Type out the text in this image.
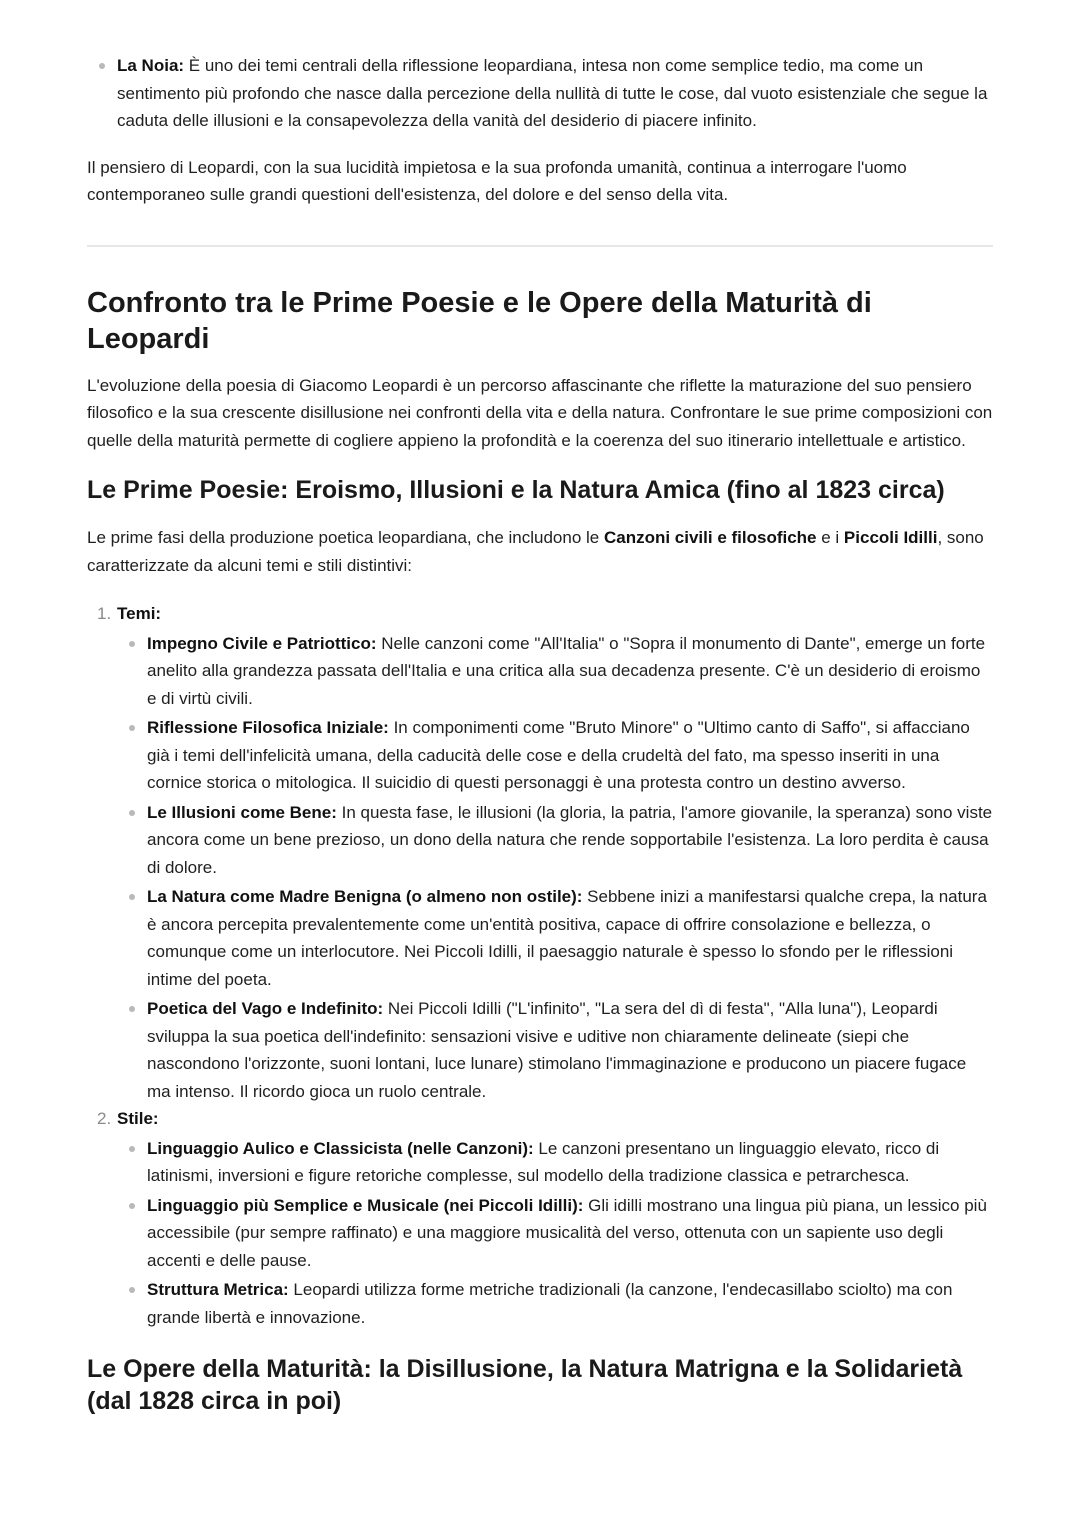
La Noia: È uno dei temi centrali della riflessione leopardiana, intesa non come semplice tedio, ma come un sentimento più profondo che nasce dalla percezione della nullità di tutte le cose, dal vuoto esistenziale che segue la caduta delle illusioni e la consapevolezza della vanità del desiderio di piacere infinito.

Il pensiero di Leopardi, con la sua lucidità impietosa e la sua profonda umanità, continua a interrogare l'uomo contemporaneo sulle grandi questioni dell'esistenza, del dolore e del senso della vita.

Confronto tra le Prime Poesie e le Opere della Maturità di Leopardi

L'evoluzione della poesia di Giacomo Leopardi è un percorso affascinante che riflette la maturazione del suo pensiero filosofico e la sua crescente disillusione nei confronti della vita e della natura. Confrontare le sue prime composizioni con quelle della maturità permette di cogliere appieno la profondità e la coerenza del suo itinerario intellettuale e artistico.

Le Prime Poesie: Eroismo, Illusioni e la Natura Amica (fino al 1823 circa)

Le prime fasi della produzione poetica leopardiana, che includono le Canzoni civili e filosofiche e i Piccoli Idilli, sono caratterizzate da alcuni temi e stili distintivi:

1. Temi:
Impegno Civile e Patriottico: Nelle canzoni come "All'Italia" o "Sopra il monumento di Dante", emerge un forte anelito alla grandezza passata dell'Italia e una critica alla sua decadenza presente. C'è un desiderio di eroismo e di virtù civili.
Riflessione Filosofica Iniziale: In componimenti come "Bruto Minore" o "Ultimo canto di Saffo", si affacciano già i temi dell'infelicità umana, della caducità delle cose e della crudeltà del fato, ma spesso inseriti in una cornice storica o mitologica. Il suicidio di questi personaggi è una protesta contro un destino avverso.
Le Illusioni come Bene: In questa fase, le illusioni (la gloria, la patria, l'amore giovanile, la speranza) sono viste ancora come un bene prezioso, un dono della natura che rende sopportabile l'esistenza. La loro perdita è causa di dolore.
La Natura come Madre Benigna (o almeno non ostile): Sebbene inizi a manifestarsi qualche crepa, la natura è ancora percepita prevalentemente come un'entità positiva, capace di offrire consolazione e bellezza, o comunque come un interlocutore. Nei Piccoli Idilli, il paesaggio naturale è spesso lo sfondo per le riflessioni intime del poeta.
Poetica del Vago e Indefinito: Nei Piccoli Idilli ("L'infinito", "La sera del dì di festa", "Alla luna"), Leopardi sviluppa la sua poetica dell'indefinito: sensazioni visive e uditive non chiaramente delineate (siepi che nascondono l'orizzonte, suoni lontani, luce lunare) stimolano l'immaginazione e producono un piacere fugace ma intenso. Il ricordo gioca un ruolo centrale.
2. Stile:
Linguaggio Aulico e Classicista (nelle Canzoni): Le canzoni presentano un linguaggio elevato, ricco di latinismi, inversioni e figure retoriche complesse, sul modello della tradizione classica e petrarchesca.
Linguaggio più Semplice e Musicale (nei Piccoli Idilli): Gli idilli mostrano una lingua più piana, un lessico più accessibile (pur sempre raffinato) e una maggiore musicalità del verso, ottenuta con un sapiente uso degli accenti e delle pause.
Struttura Metrica: Leopardi utilizza forme metriche tradizionali (la canzone, l'endecasillabo sciolto) ma con grande libertà e innovazione.
Le Opere della Maturità: la Disillusione, la Natura Matrigna e la Solidarietà (dal 1828 circa in poi)
